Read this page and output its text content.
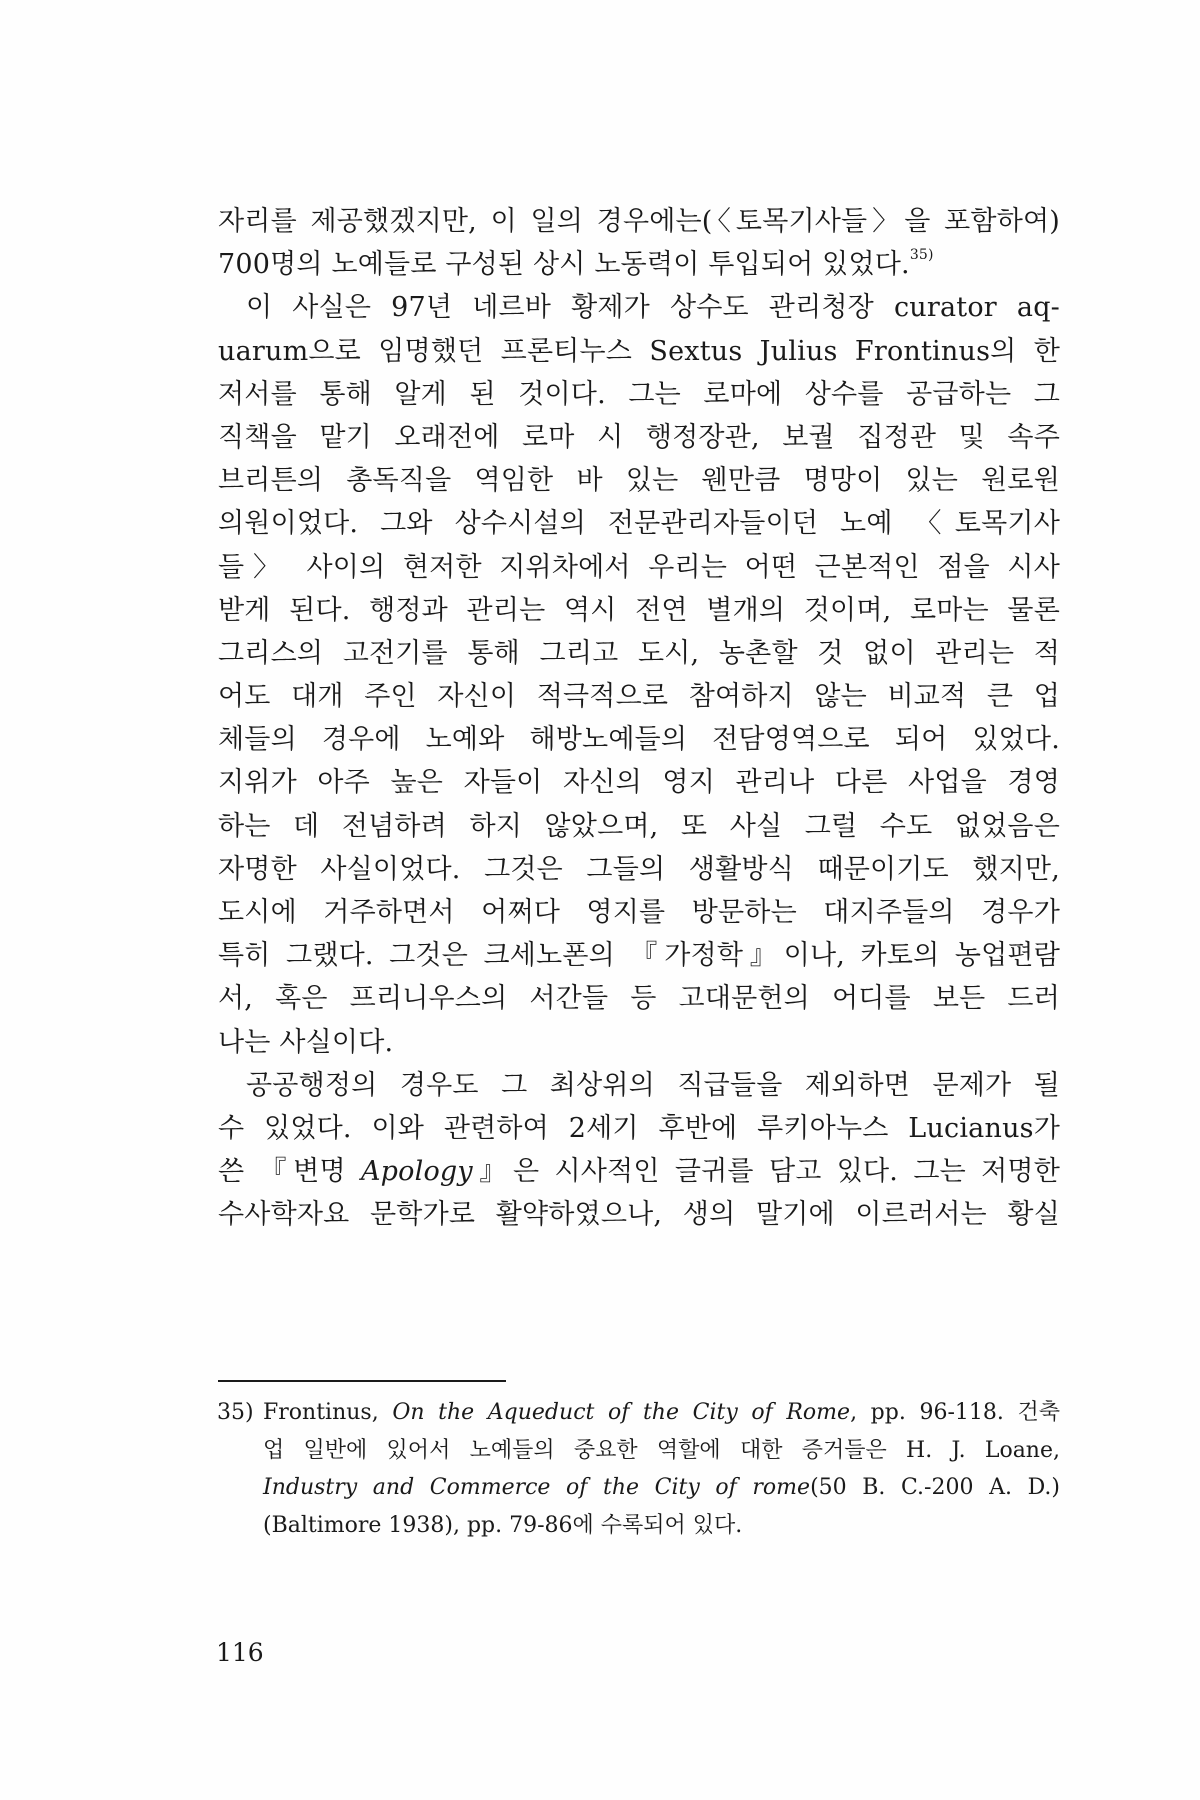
자리를 제공했겠지만, 이 일의 경우에는(〈토목기사들〉을 포함하여)
700명의 노예들로 구성된 상시 노동력이 투입되어 있었다.$^{35)}$
이 사실은 97년 네르바 황제가 상수도 관리청장 curator aq-
uarum으로 임명했던 프론티누스 Sextus Julius Frontinus의 한
저서를 통해 알게 된 것이다. 그는 로마에 상수를 공급하는 그
직책을 맡기 오래전에 로마 시 행정장관, 보궐 집정관 및 속주
브리튼의 총독직을 역임한 바 있는 웬만큼 명망이 있는 원로원
의원이었다. 그와 상수시설의 전문관리자들이던 노예 〈토목기사
들〉 사이의 현저한 지위차에서 우리는 어떤 근본적인 점을 시사
받게 된다. 행정과 관리는 역시 전연 별개의 것이며, 로마는 물론
그리스의 고전기를 통해 그리고 도시, 농촌할 것 없이 관리는 적
어도 대개 주인 자신이 적극적으로 참여하지 않는 비교적 큰 업
체들의 경우에 노예와 해방노예들의 전담영역으로 되어 있었다.
지위가 아주 높은 자들이 자신의 영지 관리나 다른 사업을 경영
하는 데 전념하려 하지 않았으며, 또 사실 그럴 수도 없었음은
자명한 사실이었다. 그것은 그들의 생활방식 때문이기도 했지만,
도시에 거주하면서 어쩌다 영지를 방문하는 대지주들의 경우가
특히 그랬다. 그것은 크세노폰의 『가정학』이나, 카토의 농업편람
서, 혹은 프리니우스의 서간들 등 고대문헌의 어디를 보든 드러
나는 사실이다.
공공행정의 경우도 그 최상위의 직급들을 제외하면 문제가 될
수 있었다. 이와 관련하여 2세기 후반에 루키아누스 Lucianus가
쓴 『변명 Apology』은 시사적인 글귀를 담고 있다. 그는 저명한
수사학자요 문학가로 활약하였으나, 생의 말기에 이르러서는 황실
35) Frontinus, On the Aqueduct of the City of Rome, pp. 96-118. 건축
업 일반에 있어서 노예들의 중요한 역할에 대한 증거들은 H. J. Loane,
Industry and Commerce of the City of rome(50 B. C.-200 A. D.)
(Baltimore 1938), pp. 79-86에 수록되어 있다.
116
